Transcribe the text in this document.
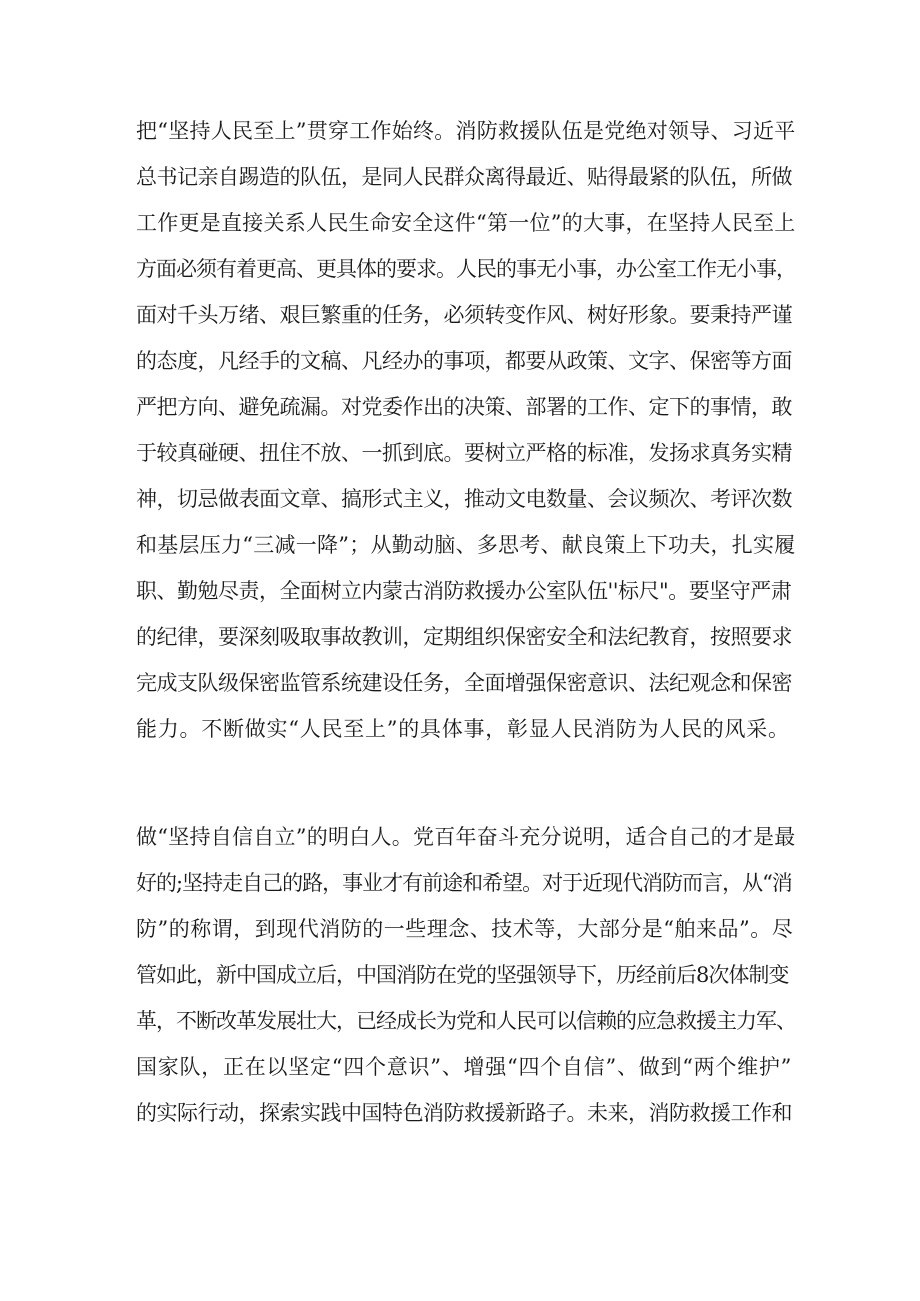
把“坚持人民至上”贯穿工作始终。消防救援队伍是党绝对领导、习近平
总书记亲自踢造的队伍，是同人民群众离得最近、贴得最紧的队伍，所做
工作更是直接关系人民生命安全这件“第一位”的大事，在坚持人民至上
方面必须有着更高、更具体的要求。人民的事无小事，办公室工作无小事，
面对千头万绪、艰巨繁重的任务，必须转变作风、树好形象。要秉持严谨
的态度，凡经手的文稿、凡经办的事项，都要从政策、文字、保密等方面
严把方向、避免疏漏。对党委作出的决策、部署的工作、定下的事情，敢
于较真碰硬、扭住不放、一抓到底。要树立严格的标准，发扬求真务实精
神，切忌做表面文章、搞形式主义，推动文电数量、会议频次、考评次数
和基层压力“三减一降”；从勤动脑、多思考、献良策上下功夫，扎实履
职、勤勉尽责，全面树立内蒙古消防救援办公室队伍''标尺"。要坚守严肃
的纪律，要深刻吸取事故教训，定期组织保密安全和法纪教育，按照要求
完成支队级保密监管系统建设任务，全面增强保密意识、法纪观念和保密
能力。不断做实“人民至上”的具体事，彰显人民消防为人民的风采。
做“坚持自信自立”的明白人。党百年奋斗充分说明，适合自己的才是最
好的;坚持走自己的路，事业才有前途和希望。对于近现代消防而言，从“消
防”的称谓，到现代消防的一些理念、技术等，大部分是“舶来品”。尽
管如此，新中国成立后，中国消防在党的坚强领导下，历经前后8次体制变
革，不断改革发展壮大，已经成长为党和人民可以信赖的应急救援主力军、
国家队，正在以坚定“四个意识”、增强“四个自信”、做到“两个维护”
的实际行动，探索实践中国特色消防救援新路子。未来，消防救援工作和
